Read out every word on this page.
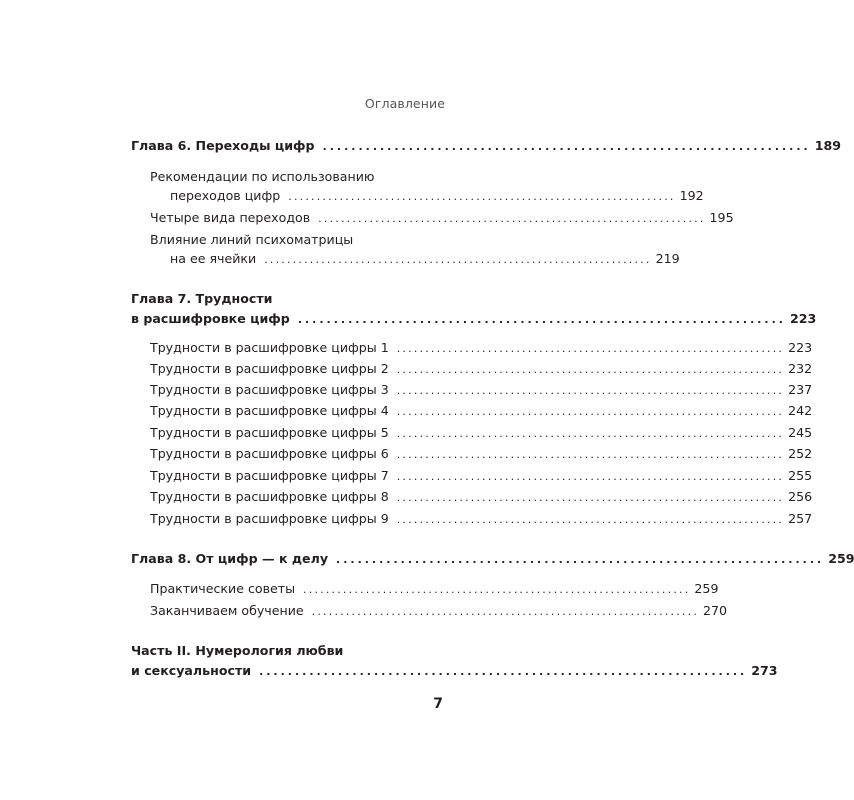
Оглавление
Глава 6. Переходы цифр .................................................................... 189
Рекомендации по использованию
переходов цифр .................................................................... 192
Четыре вида переходов .................................................................... 195
Влияние линий психоматрицы
на ее ячейки .................................................................... 219
Глава 7. Трудности
в расшифровке цифр .................................................................... 223
Трудности в расшифровке цифры 1 .................................................................... 223
Трудности в расшифровке цифры 2 .................................................................... 232
Трудности в расшифровке цифры 3 .................................................................... 237
Трудности в расшифровке цифры 4 .................................................................... 242
Трудности в расшифровке цифры 5 .................................................................... 245
Трудности в расшифровке цифры 6 .................................................................... 252
Трудности в расшифровке цифры 7 .................................................................... 255
Трудности в расшифровке цифры 8 .................................................................... 256
Трудности в расшифровке цифры 9 .................................................................... 257
Глава 8. От цифр — к делу .................................................................... 259
Практические советы .................................................................... 259
Заканчиваем обучение .................................................................... 270
Часть II. Нумерология любви
и сексуальности .................................................................... 273
7
